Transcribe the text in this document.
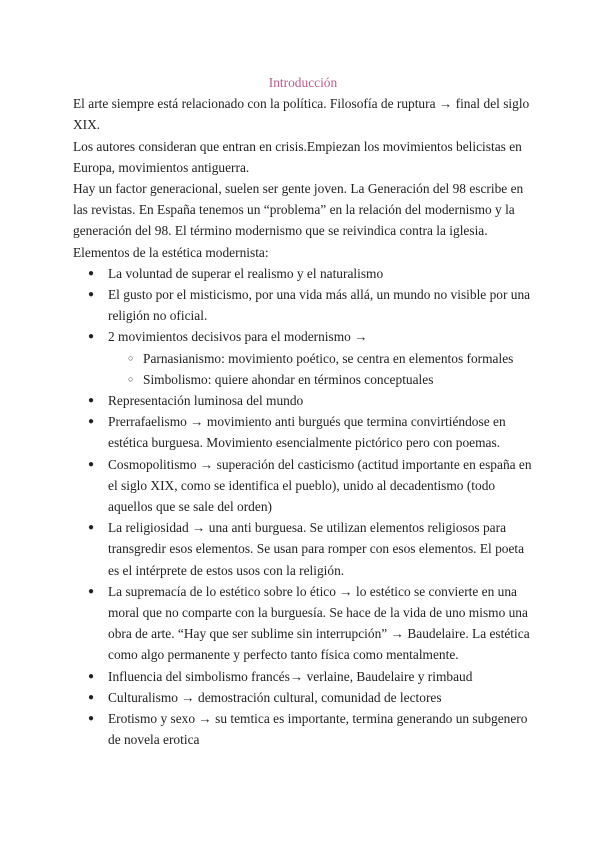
Introducción

El arte siempre está relacionado con la política. Filosofía de ruptura → final del siglo XIX.

Los autores consideran que entran en crisis.Empiezan los movimientos belicistas en Europa, movimientos antiguerra.

Hay un factor generacional, suelen ser gente joven. La Generación del 98 escribe en las revistas. En España tenemos un “problema” en la relación del modernismo y la generación del 98. El término modernismo que se reivindica contra la iglesia.

Elementos de la estética modernista:

● La voluntad de superar el realismo y el naturalismo
● El gusto por el misticismo, por una vida más allá, un mundo no visible por una religión no oficial.
● 2 movimientos decisivos para el modernismo →
○ Parnasianismo: movimiento poético, se centra en elementos formales
○ Simbolismo: quiere ahondar en términos conceptuales
● Representación luminosa del mundo
● Prerrafaelismo → movimiento anti burgués que termina convirtiéndose en estética burguesa. Movimiento esencialmente pictórico pero con poemas.
● Cosmopolitismo → superación del casticismo (actitud importante en españa en el siglo XIX, como se identifica el pueblo), unido al decadentismo (todo aquellos que se sale del orden)
● La religiosidad → una anti burguesa. Se utilizan elementos religiosos para transgredir esos elementos. Se usan para romper con esos elementos. El poeta es el intérprete de estos usos con la religión.
● La supremacía de lo estético sobre lo ético → lo estético se convierte en una moral que no comparte con la burguesía. Se hace de la vida de uno mismo una obra de arte. “Hay que ser sublime sin interrupción” → Baudelaire. La estética como algo permanente y perfecto tanto física como mentalmente.
● Influencia del simbolismo francés→ verlaine, Baudelaire y rimbaud
● Culturalismo → demostración cultural, comunidad de lectores
● Erotismo y sexo → su temtica es importante, termina generando un subgenero de novela erotica
